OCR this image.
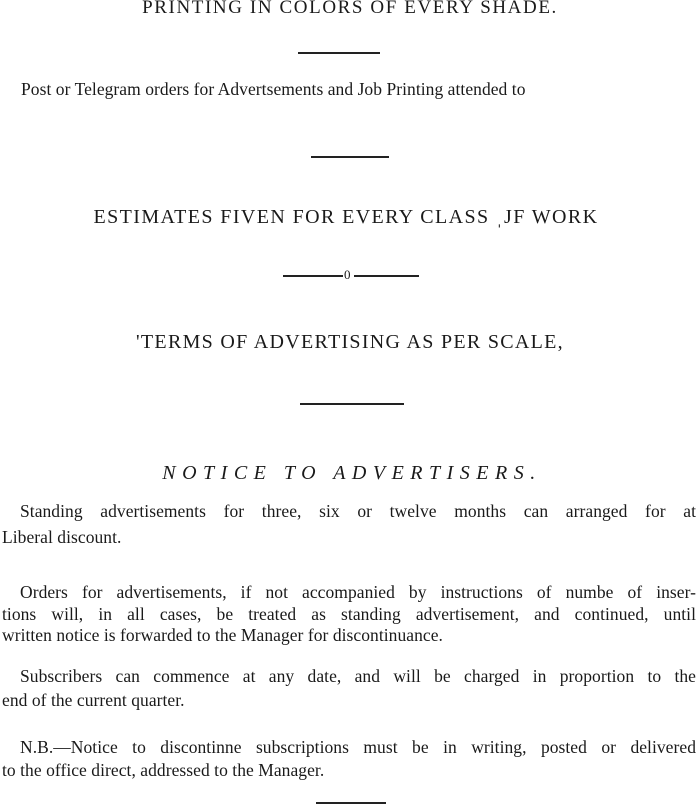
PRINTING IN COLORS OF EVERY SHADE.
Post or Telegram orders for Advertsements and Job Printing attended to
ESTIMATES FIVEN FOR EVERY CLASS ˌJF WORK
0
'TERMS OF ADVERTISING AS PER SCALE,
NOTICE TO ADVERTISERS.
Standing advertisements for three, six or twelve months can arranged for at
Liberal discount.
Orders for advertisements, if not accompanied by instructions of numbe of inser-
tions will, in all cases, be treated as standing advertisement, and continued, until
written notice is forwarded to the Manager for discontinuance.
Subscribers can commence at any date, and will be charged in proportion to the
end of the current quarter.
N.B.—Notice to discontinne subscriptions must be in writing, posted or delivered
to the office direct, addressed to the Manager.
